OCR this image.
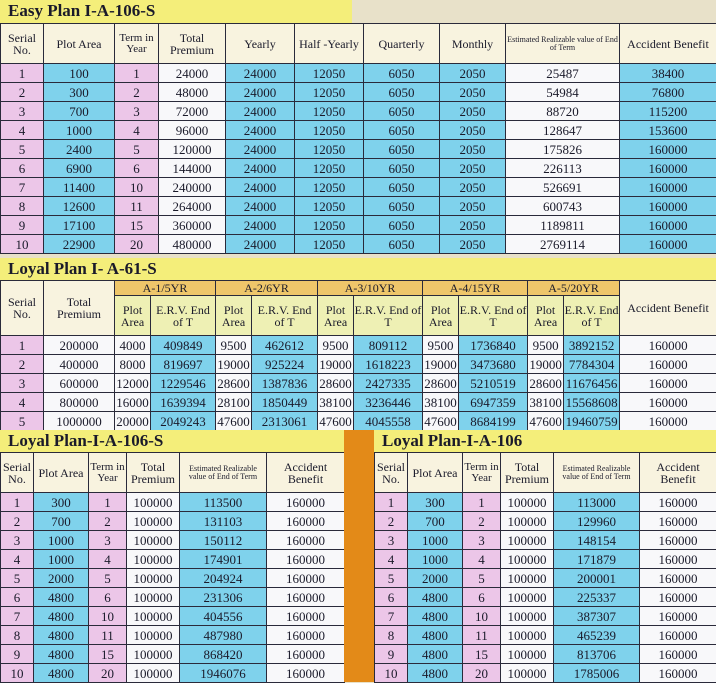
Easy Plan I-A-106-S
Serial No.	Plot Area	Term in Year	Total Premium	Yearly	Half -Yearly	Quarterly	Monthly	Estimated Realizable value of End of Term	Accident Benefit
1	100	1	24000	24000	12050	6050	2050	25487	38400
2	300	2	48000	24000	12050	6050	2050	54984	76800
3	700	3	72000	24000	12050	6050	2050	88720	115200
4	1000	4	96000	24000	12050	6050	2050	128647	153600
5	2400	5	120000	24000	12050	6050	2050	175826	160000
6	6900	6	144000	24000	12050	6050	2050	226113	160000
7	11400	10	240000	24000	12050	6050	2050	526691	160000
8	12600	11	264000	24000	12050	6050	2050	600743	160000
9	17100	15	360000	24000	12050	6050	2050	1189811	160000
10	22900	20	480000	24000	12050	6050	2050	2769114	160000
Loyal Plan I- A-61-S
Serial No.	Total Premium	A-1/5YR		A-2/6YR		A-3/10YR		A-4/15YR		A-5/20YR		Accident Benefit
		Plot Area	E.R.V. End of T	Plot Area	E.R.V. End of T	Plot Area	E.R.V. End of T	Plot Area	E.R.V. End of T	Plot Area	E.R.V. End of T	
1	200000	4000	409849	9500	462612	9500	809112	9500	1736840	9500	3892152	160000
2	400000	8000	819697	19000	925224	19000	1618223	19000	3473680	19000	7784304	160000
3	600000	12000	1229546	28600	1387836	28600	2427335	28600	5210519	28600	11676456	160000
4	800000	16000	1639394	28100	1850449	38100	3236446	38100	6947359	38100	15568608	160000
5	1000000	20000	2049243	47600	2313061	47600	4045558	47600	8684199	47600	19460759	160000
Loyal Plan-I-A-106-S
Serial No.	Plot Area	Term in Year	Total Premium	Estimated Realizable value of End of Term	Accident Benefit
1	300	1	100000	113500	160000
2	700	2	100000	131103	160000
3	1000	3	100000	150112	160000
4	1000	4	100000	174901	160000
5	2000	5	100000	204924	160000
6	4800	6	100000	231306	160000
7	4800	10	100000	404556	160000
8	4800	11	100000	487980	160000
9	4800	15	100000	868420	160000
10	4800	20	100000	1946076	160000
Loyal Plan-I-A-106
Serial No.	Plot Area	Term in Year	Total Premium	Estimated Realizable value of End of Term	Accident Benefit
1	300	1	100000	113000	160000
2	700	2	100000	129960	160000
3	1000	3	100000	148154	160000
4	1000	4	100000	171879	160000
5	2000	5	100000	200001	160000
6	4800	6	100000	225337	160000
7	4800	10	100000	387307	160000
8	4800	11	100000	465239	160000
9	4800	15	100000	813706	160000
10	4800	20	100000	1785006	160000
